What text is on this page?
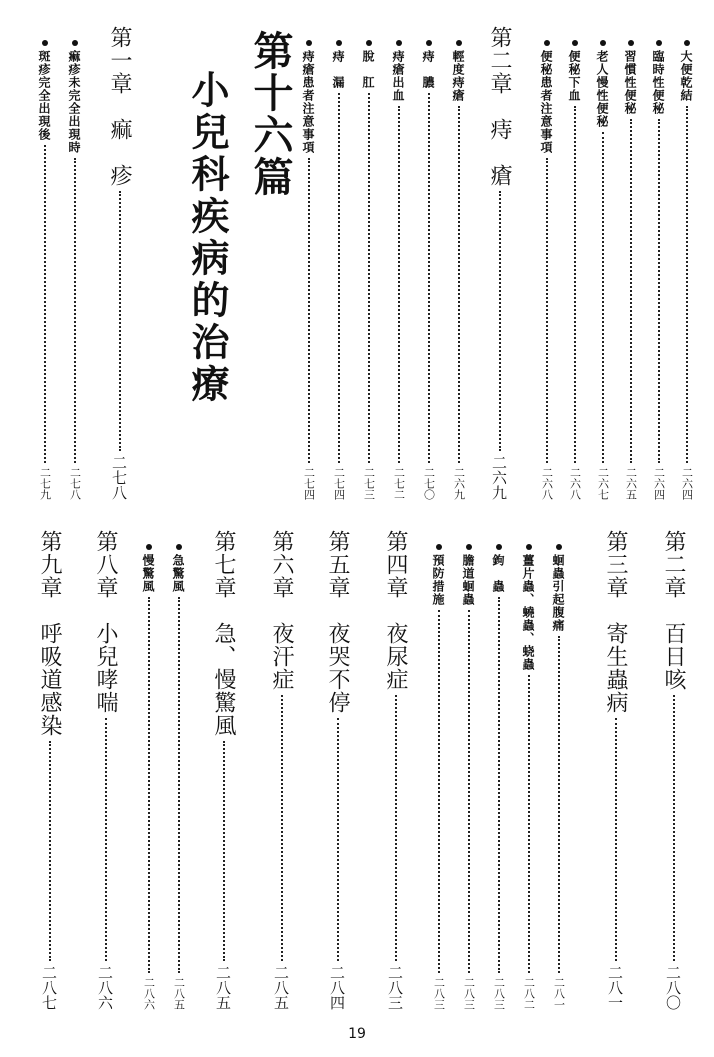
第十六篇
小兒科疾病的治療	大便乾結
二六四
臨時性便秘
二六四
習慣性便秘
二六五
老人慢性便秘
二六七
便秘下血
二六八
便秘患者注意事項
二六八
第二章　痔　瘡
二六九
輕度痔瘡
二六九
痔　膿
二七〇
痔瘡出血
二七二
脫　肛
二七三
痔　漏
二七四
痔瘡患者注意事項
二七四
第一章　痲　疹
二七八
痲疹未完全出現時
二七八
斑疹完全出現後
二七九
第二章　百日咳
二八〇
第三章　寄生蟲病
二八一
蛔蟲引起腹痛
二八一
薑片蟲、蟯蟲、蛲蟲
二八二
鉤　蟲
二八三
膽道蛔蟲
二八三
預防措施
二八三
第四章　夜尿症
二八三
第五章　夜哭不停
二八四
第六章　夜汗症
二八五
第七章　急、慢驚風
二八五
急驚風
二八五
慢驚風
二八六
第八章　小兒哮喘
二八六
第九章　呼吸道感染
二八七
19
